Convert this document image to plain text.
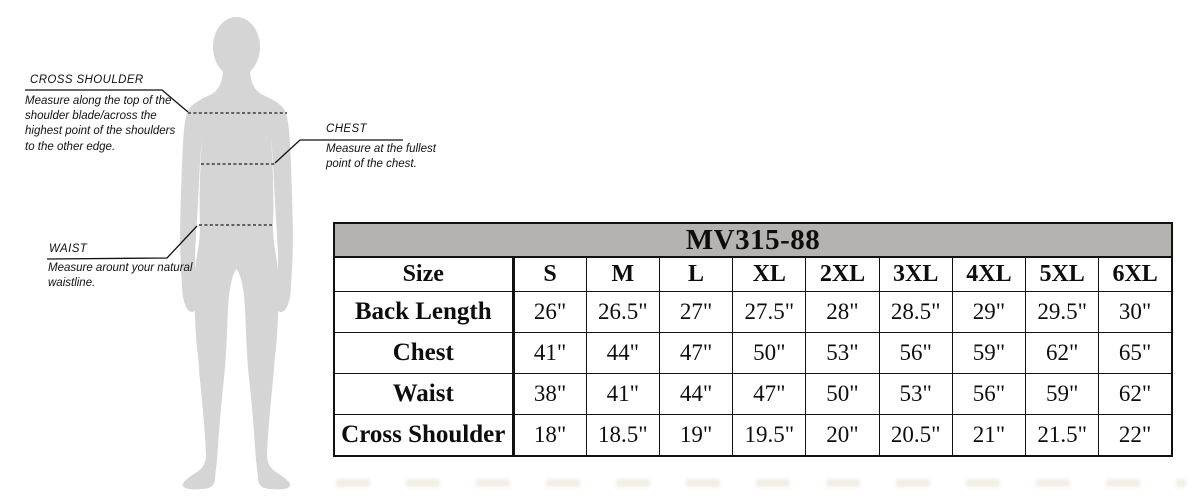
CROSS SHOULDER
Measure along the top of the shoulder blade/across the highest point of the shoulders to the other edge.
CHEST
Measure at the fullest point of the chest.
WAIST
Measure arount your natural waistline.
MV315-88
Size	S	M	L	XL	2XL	3XL	4XL	5XL	6XL
Back Length	26"	26.5"	27"	27.5"	28"	28.5"	29"	29.5"	30"
Chest	41"	44"	47"	50"	53"	56"	59"	62"	65"
Waist	38"	41"	44"	47"	50"	53"	56"	59"	62"
Cross Shoulder	18"	18.5"	19"	19.5"	20"	20.5"	21"	21.5"	22"
